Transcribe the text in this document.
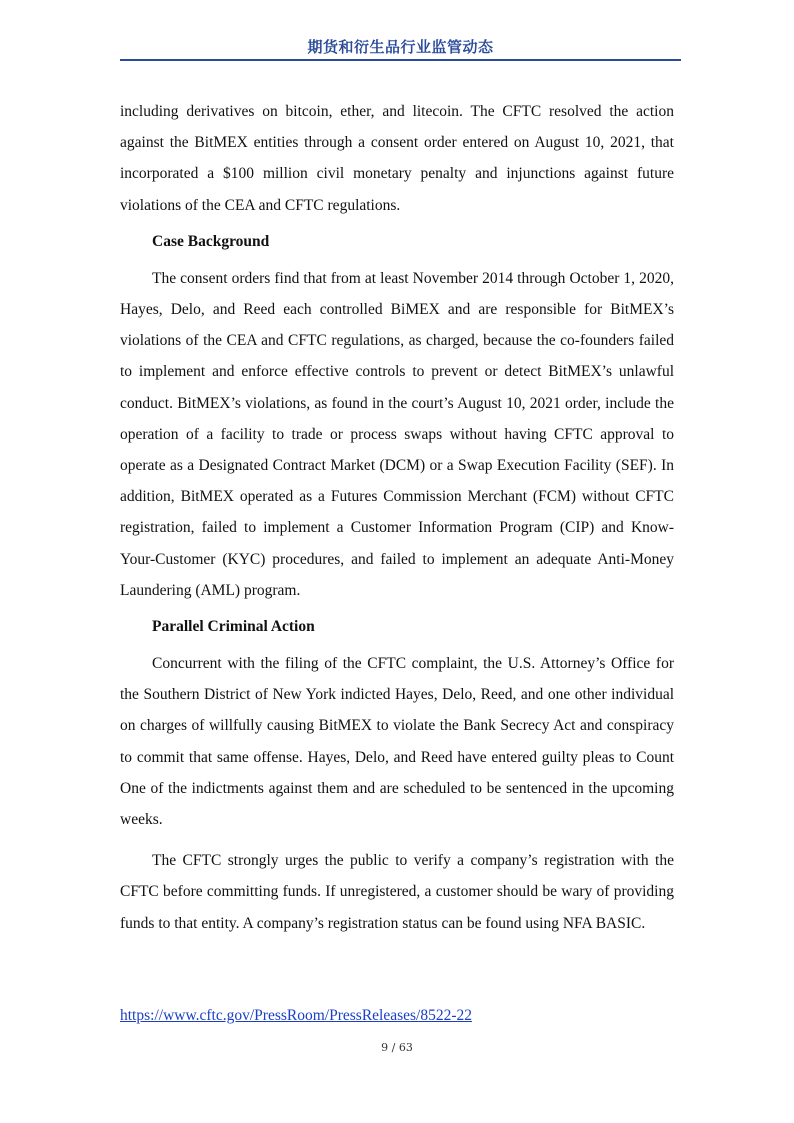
期货和衍生品行业监管动态

including derivatives on bitcoin, ether, and litecoin. The CFTC resolved the action against the BitMEX entities through a consent order entered on August 10, 2021, that incorporated a $100 million civil monetary penalty and injunctions against future violations of the CEA and CFTC regulations.

Case Background

The consent orders find that from at least November 2014 through October 1, 2020, Hayes, Delo, and Reed each controlled BiMEX and are responsible for BitMEX’s violations of the CEA and CFTC regulations, as charged, because the co-founders failed to implement and enforce effective controls to prevent or detect BitMEX’s unlawful conduct. BitMEX’s violations, as found in the court’s August 10, 2021 order, include the operation of a facility to trade or process swaps without having CFTC approval to operate as a Designated Contract Market (DCM) or a Swap Execution Facility (SEF). In addition, BitMEX operated as a Futures Commission Merchant (FCM) without CFTC registration, failed to implement a Customer Information Program (CIP) and Know-Your-Customer (KYC) procedures, and failed to implement an adequate Anti-Money Laundering (AML) program.

Parallel Criminal Action

Concurrent with the filing of the CFTC complaint, the U.S. Attorney’s Office for the Southern District of New York indicted Hayes, Delo, Reed, and one other individual on charges of willfully causing BitMEX to violate the Bank Secrecy Act and conspiracy to commit that same offense. Hayes, Delo, and Reed have entered guilty pleas to Count One of the indictments against them and are scheduled to be sentenced in the upcoming weeks.

The CFTC strongly urges the public to verify a company’s registration with the CFTC before committing funds. If unregistered, a customer should be wary of providing funds to that entity. A company’s registration status can be found using NFA BASIC.

https://www.cftc.gov/PressRoom/PressReleases/8522-22
9 / 63
